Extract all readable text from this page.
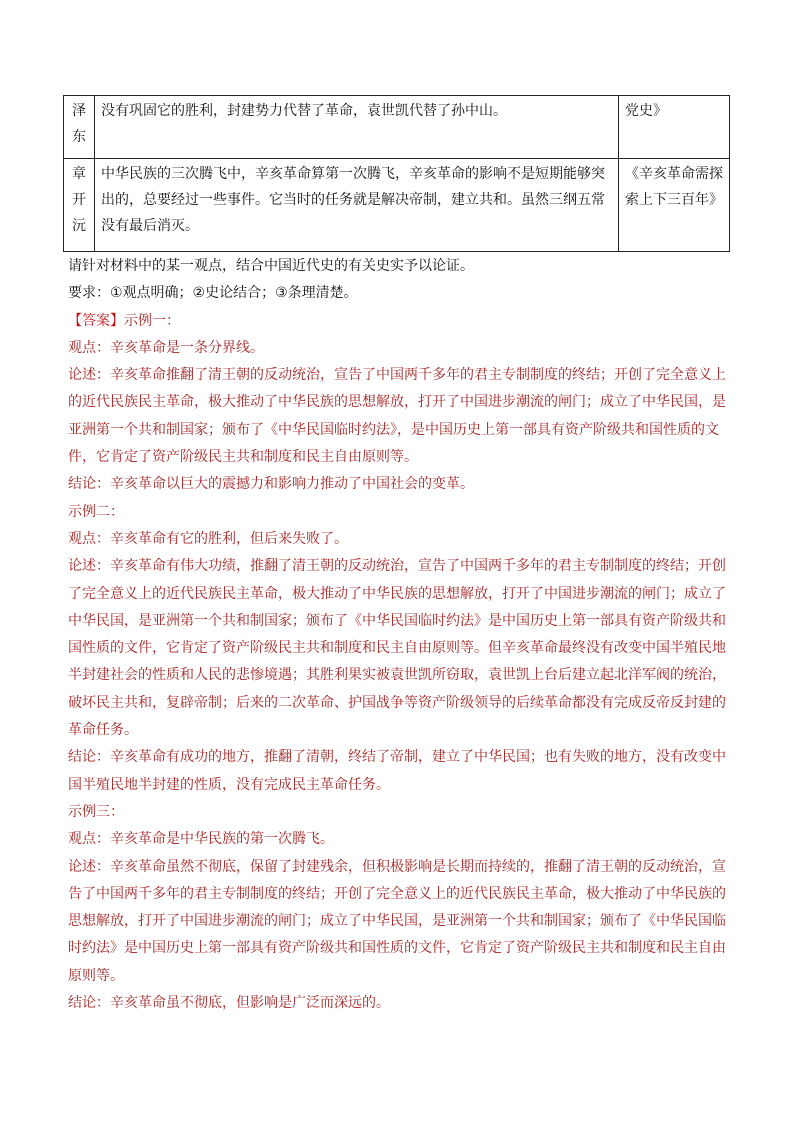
泽
东	没有巩固它的胜利，封建势力代替了革命，袁世凯代替了孙中山。	党史》

章
开
沅	中华民族的三次腾飞中，辛亥革命算第一次腾飞，辛亥革命的影响不是短期能够突出的，总要经过一些事件。它当时的任务就是解决帝制，建立共和。虽然三纲五常没有最后消灭。	《辛亥革命需探索上下三百年》

请针对材料中的某一观点，结合中国近代史的有关史实予以论证。

要求：①观点明确；②史论结合；③条理清楚。

【答案】示例一：

观点：辛亥革命是一条分界线。

论述：辛亥革命推翻了清王朝的反动统治，宣告了中国两千多年的君主专制制度的终结；开创了完全意义上的近代民族民主革命，极大推动了中华民族的思想解放，打开了中国进步潮流的闸门；成立了中华民国，是亚洲第一个共和制国家；颁布了《中华民国临时约法》，是中国历史上第一部具有资产阶级共和国性质的文件，它肯定了资产阶级民主共和制度和民主自由原则等。

结论：辛亥革命以巨大的震撼力和影响力推动了中国社会的变革。

示例二：

观点：辛亥革命有它的胜利，但后来失败了。

论述：辛亥革命有伟大功绩，推翻了清王朝的反动统治，宣告了中国两千多年的君主专制制度的终结；开创了完全意义上的近代民族民主革命，极大推动了中华民族的思想解放，打开了中国进步潮流的闸门；成立了中华民国，是亚洲第一个共和制国家；颁布了《中华民国临时约法》是中国历史上第一部具有资产阶级共和国性质的文件，它肯定了资产阶级民主共和制度和民主自由原则等。但辛亥革命最终没有改变中国半殖民地半封建社会的性质和人民的悲惨境遇；其胜利果实被袁世凯所窃取，袁世凯上台后建立起北洋军阀的统治，破坏民主共和，复辟帝制；后来的二次革命、护国战争等资产阶级领导的后续革命都没有完成反帝反封建的革命任务。

结论：辛亥革命有成功的地方，推翻了清朝，终结了帝制，建立了中华民国；也有失败的地方，没有改变中国半殖民地半封建的性质，没有完成民主革命任务。

示例三：

观点：辛亥革命是中华民族的第一次腾飞。

论述：辛亥革命虽然不彻底，保留了封建残余，但积极影响是长期而持续的，推翻了清王朝的反动统治，宣告了中国两千多年的君主专制制度的终结；开创了完全意义上的近代民族民主革命，极大推动了中华民族的思想解放，打开了中国进步潮流的闸门；成立了中华民国，是亚洲第一个共和制国家；颁布了《中华民国临时约法》是中国历史上第一部具有资产阶级共和国性质的文件，它肯定了资产阶级民主共和制度和民主自由原则等。

结论：辛亥革命虽不彻底，但影响是广泛而深远的。
